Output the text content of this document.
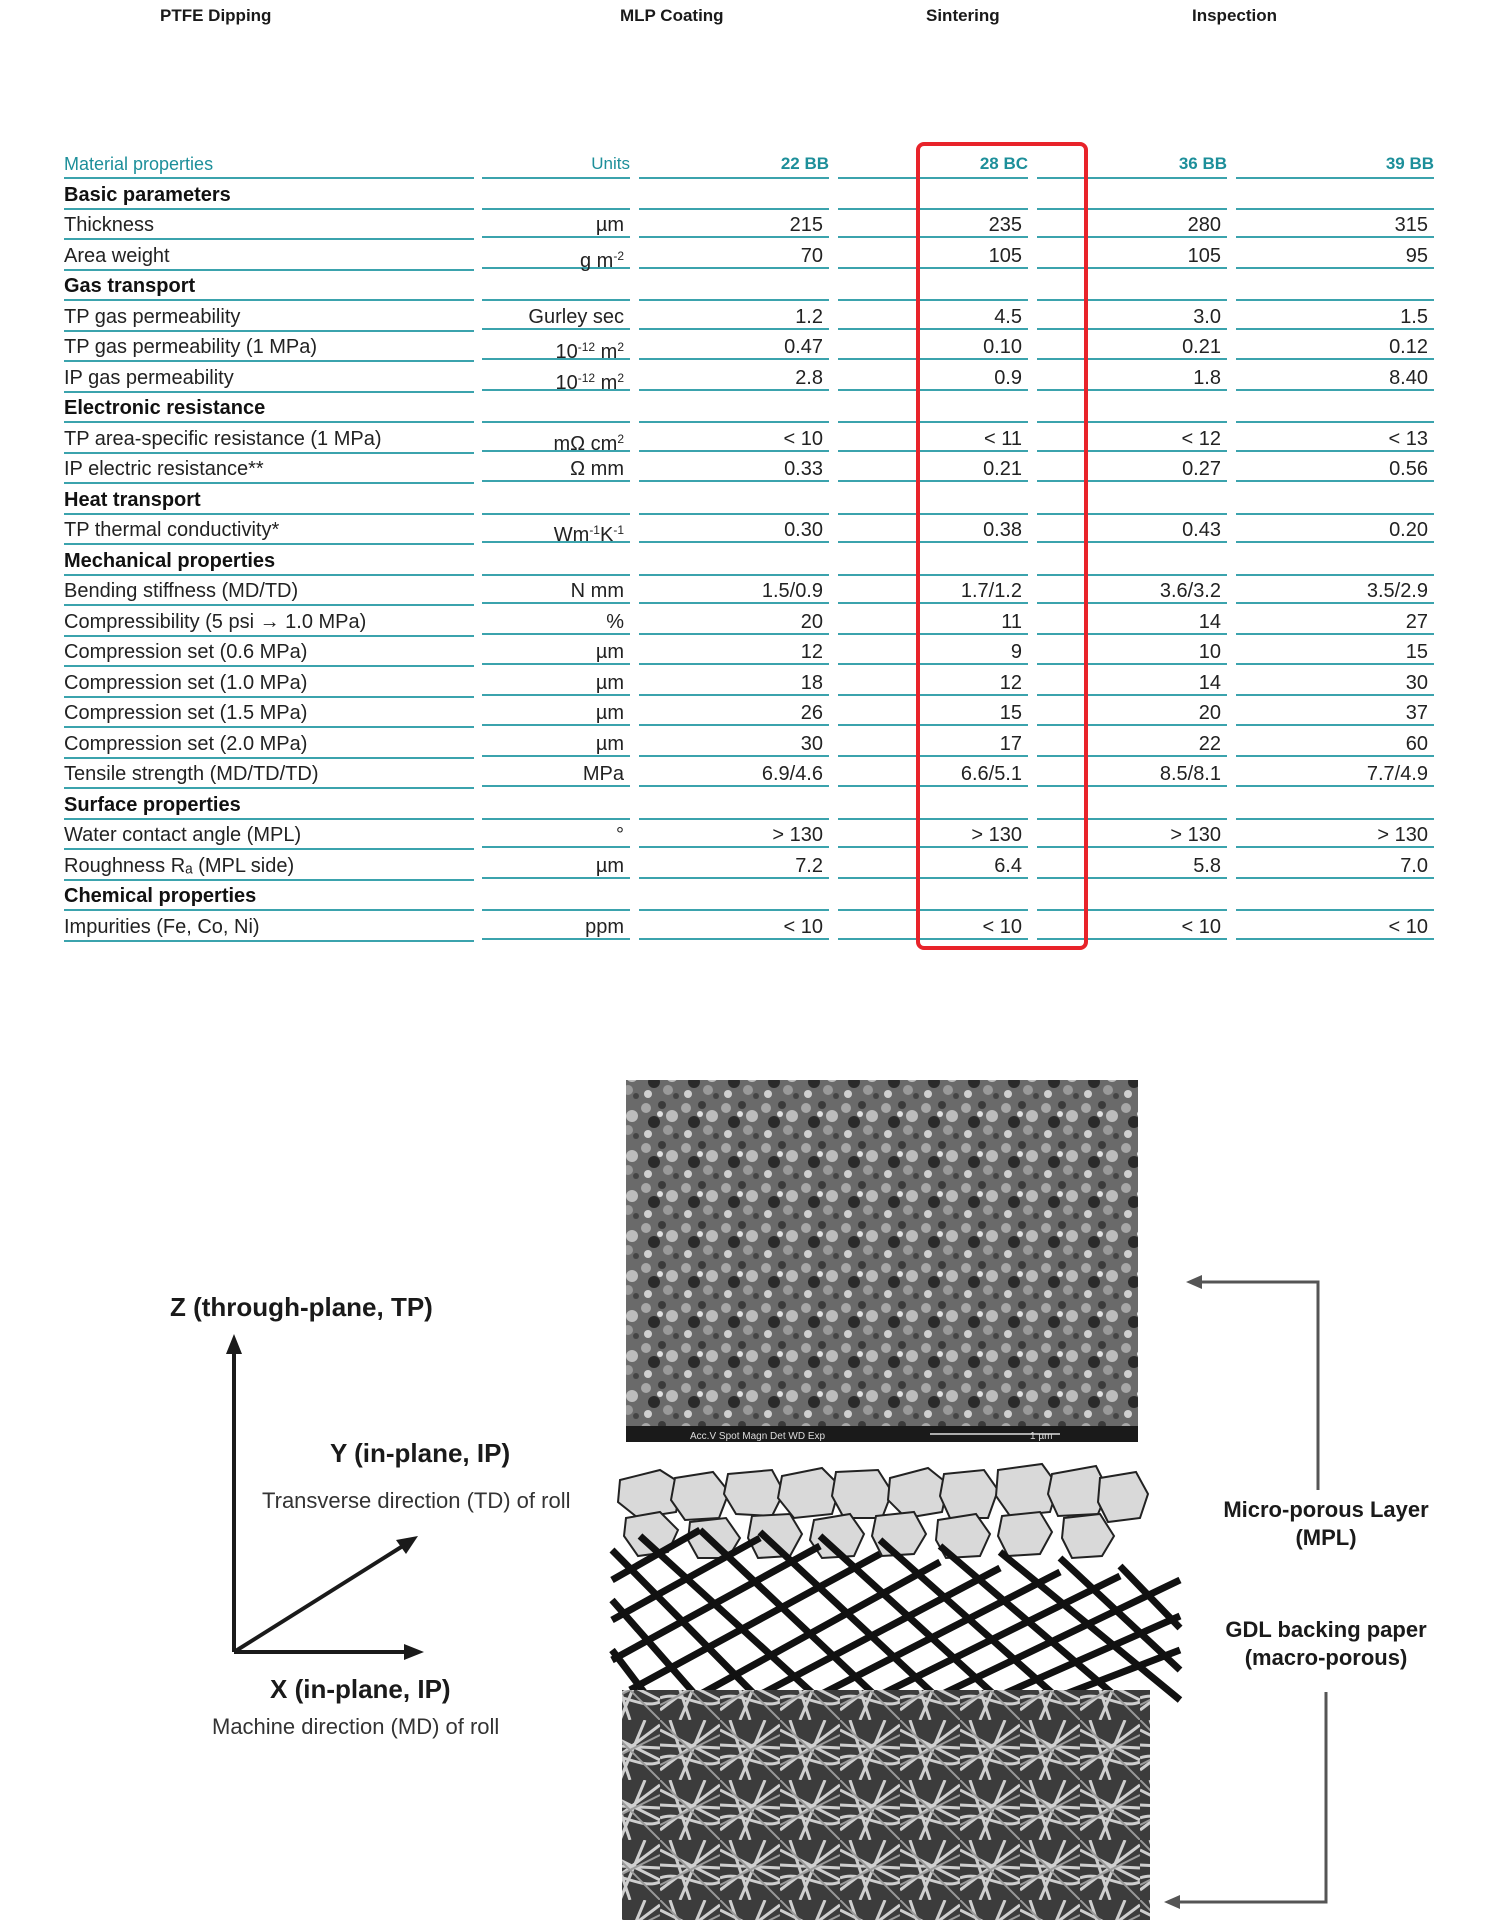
PTFE Dipping	MLP Coating	Sintering	Inspection
Material properties	Units	22 BB	28 BC	36 BB	39 BB
Basic parameters
Thickness	µm	215	235	280	315
Area weight	g $m^{-2}$	70	105	105	95
Gas transport
TP gas permeability	Gurley sec	1.2	4.5	3.0	1.5
TP gas permeability (1 MPa)	$10^{-12}$ $m^2$	0.47	0.10	0.21	0.12
IP gas permeability	$10^{-12}$ $m^2$	2.8	0.9	1.8	8.40
Electronic resistance
TP area-specific resistance (1 MPa)	mΩ $cm^2$	< 10	< 11	< 12	< 13
IP electric resistance**	Ω mm	0.33	0.21	0.27	0.56
Heat transport
TP thermal conductivity*	$Wm^{-1}K^{-1}$	0.30	0.38	0.43	0.20
Mechanical properties
Bending stiffness (MD/TD)	N mm	1.5/0.9	1.7/1.2	3.6/3.2	3.5/2.9
Compressibility (5 psi → 1.0 MPa)	%	20	11	14	27
Compression set (0.6 MPa)	µm	12	9	10	15
Compression set (1.0 MPa)	µm	18	12	14	30
Compression set (1.5 MPa)	µm	26	15	20	37
Compression set (2.0 MPa)	µm	30	17	22	60
Tensile strength (MD/TD/TD)	MPa	6.9/4.6	6.6/5.1	8.5/8.1	7.7/4.9
Surface properties
Water contact angle (MPL)	°	> 130	> 130	> 130	> 130
Roughness Rₐ (MPL side)	µm	7.2	6.4	5.8	7.0
Chemical properties
Impurities (Fe, Co, Ni)	ppm	< 10	< 10	< 10	< 10
Acc.V Spot Magn Det WD Exp	1 µm
Z (through-plane, TP)
Y (in-plane, IP)
Transverse direction (TD) of roll
X (in-plane, IP)
Machine direction (MD) of roll
Micro-porous Layer
(MPL)
GDL backing paper
(macro-porous)
